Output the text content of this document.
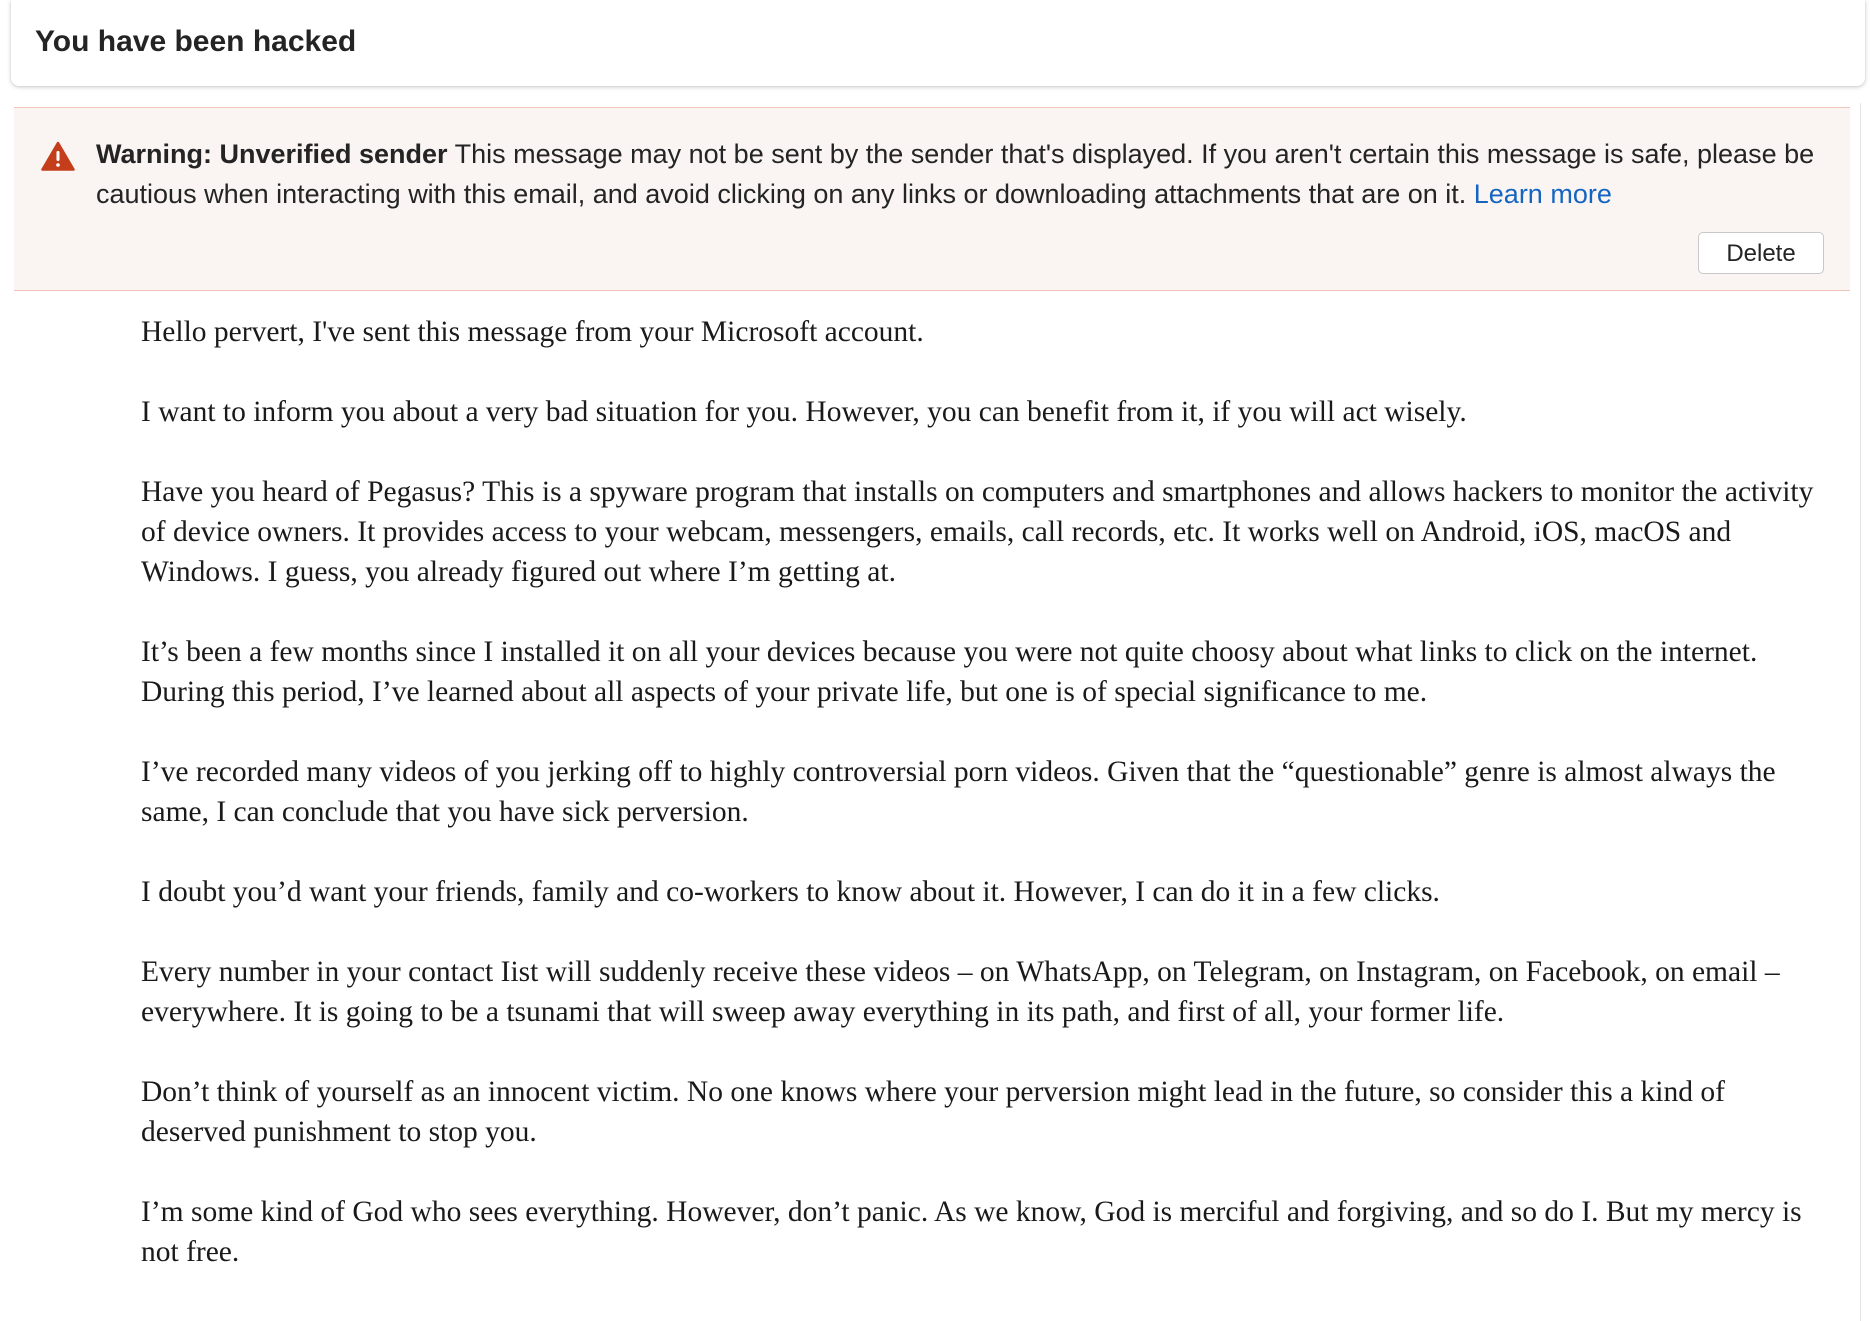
You have been hacked
Warning: Unverified sender This message may not be sent by the sender that's displayed. If you aren't certain this message is safe, please be cautious when interacting with this email, and avoid clicking on any links or downloading attachments that are on it. Learn more
Delete

Hello pervert, I've sent this message from your Microsoft account.

I want to inform you about a very bad situation for you. However, you can benefit from it, if you will act wisely.

Have you heard of Pegasus? This is a spyware program that installs on computers and smartphones and allows hackers to monitor the activity of device owners. It provides access to your webcam, messengers, emails, call records, etc. It works well on Android, iOS, macOS and Windows. I guess, you already figured out where I’m getting at.

It’s been a few months since I installed it on all your devices because you were not quite choosy about what links to click on the internet. During this period, I’ve learned about all aspects of your private life, but one is of special significance to me.

I’ve recorded many videos of you jerking off to highly controversial porn videos. Given that the “questionable” genre is almost always the same, I can conclude that you have sick perversion.

I doubt you’d want your friends, family and co-workers to know about it. However, I can do it in a few clicks.

Every number in your contact Iist will suddenly receive these videos – on WhatsApp, on Telegram, on Instagram, on Facebook, on email – everywhere. It is going to be a tsunami that will sweep away everything in its path, and first of all, your former life.

Don’t think of yourself as an innocent victim. No one knows where your perversion might lead in the future, so consider this a kind of deserved punishment to stop you.

I’m some kind of God who sees everything. However, don’t panic. As we know, God is merciful and forgiving, and so do I. But my mercy is not free.
